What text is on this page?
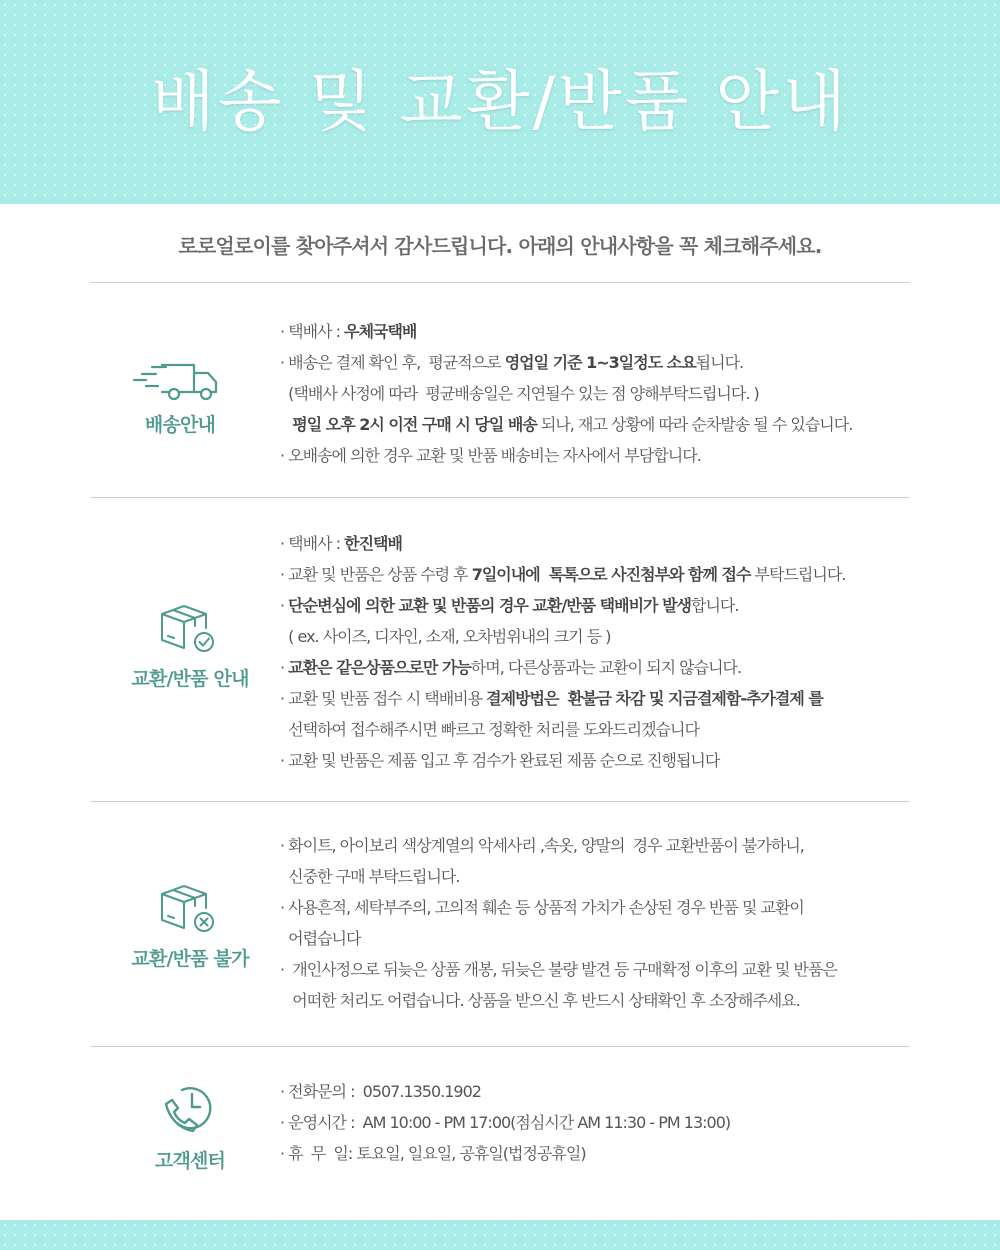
배송 및 교환/반품 안내
로로얼로이를 찾아주셔서 감사드립니다. 아래의 안내사항을 꼭 체크해주세요.
배송안내
· 택배사 : 우체국택배
· 배송은 결제 확인 후,  평균적으로 영업일 기준 1~3일정도 소요됩니다.
(택배사 사정에 따라  평균배송일은 지연될수 있는 점 양해부탁드립니다. )
평일 오후 2시 이전 구매 시 당일 배송 되나, 재고 상황에 따라 순차발송 될 수 있습니다.
· 오배송에 의한 경우 교환 및 반품 배송비는 자사에서 부담합니다.
교환/반품 안내
· 택배사 : 한진택배
· 교환 및 반품은 상품 수령 후 7일이내에  톡톡으로 사진첨부와 함께 접수 부탁드립니다.
· 단순변심에 의한 교환 및 반품의 경우 교환/반품 택배비가 발생합니다.
( ex. 사이즈, 디자인, 소재, 오차범위내의 크기 등 )
· 교환은 같은상품으로만 가능하며, 다른상품과는 교환이 되지 않습니다.
· 교환 및 반품 접수 시 택배비용 결제방법은  환불금 차감 및 지금결제함-추가결제 를
선택하여 접수해주시면 빠르고 정확한 처리를 도와드리겠습니다
· 교환 및 반품은 제품 입고 후 검수가 완료된 제품 순으로 진행됩니다
교환/반품 불가
· 화이트, 아이보리 색상계열의 악세사리 ,속옷, 양말의  경우 교환반품이 불가하니,
신중한 구매 부탁드립니다.
· 사용흔적, 세탁부주의, 고의적 훼손 등 상품적 가치가 손상된 경우 반품 및 교환이
어렵습니다
·  개인사정으로 뒤늦은 상품 개봉, 뒤늦은 불량 발견 등 구매확정 이후의 교환 및 반품은
어떠한 처리도 어렵습니다. 상품을 받으신 후 반드시 상태확인 후 소장해주세요.
고객센터
· 전화문의 :  0507.1350.1902
· 운영시간 :  AM 10:00 - PM 17:00(점심시간 AM 11:30 - PM 13:00)
· 휴  무  일: 토요일, 일요일, 공휴일(법정공휴일)
